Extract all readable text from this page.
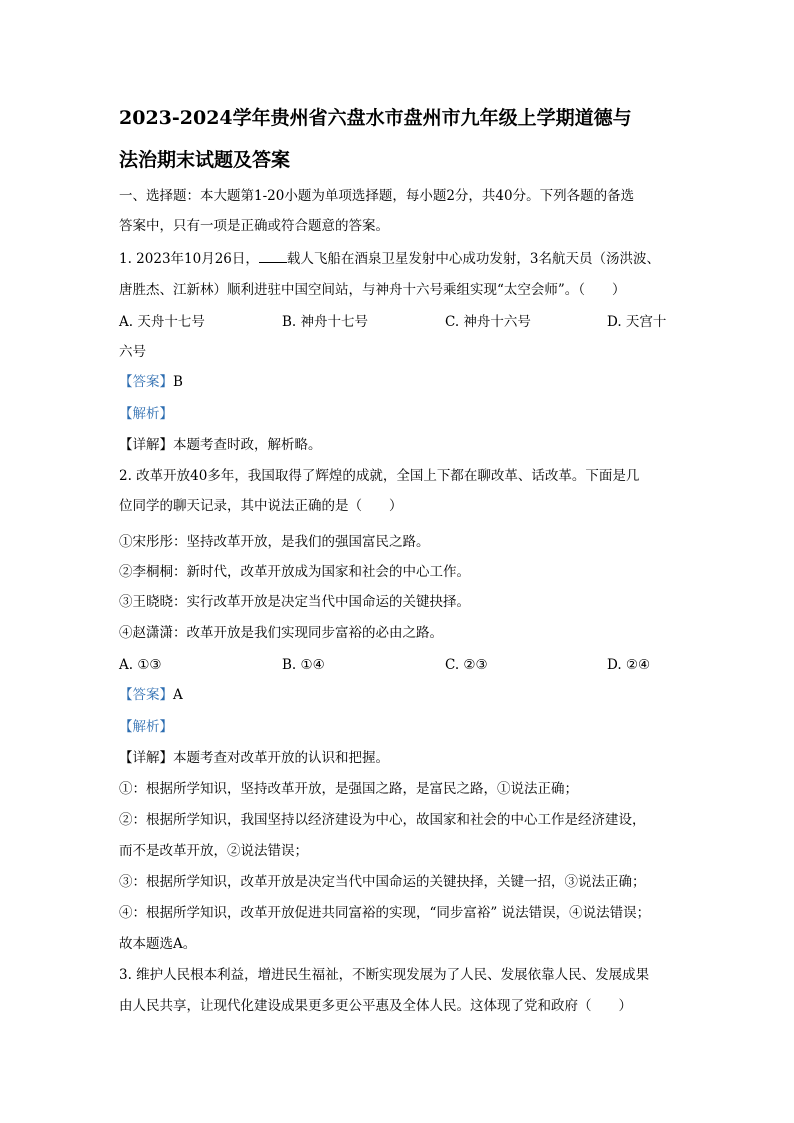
2023-2024学年贵州省六盘水市盘州市九年级上学期道德与
法治期末试题及答案
一、选择题：本大题第1-20小题为单项选择题，每小题2分，共40分。下列各题的备选
答案中，只有一项是正确或符合题意的答案。
1. 2023年10月26日， 载人飞船在酒泉卫星发射中心成功发射，3名航天员（汤洪波、
唐胜杰、江新林）顺利进驻中国空间站，与神舟十六号乘组实现“太空会师”。（　　）
A. 天舟十七号	B. 神舟十七号	C. 神舟十六号	D. 天宫十
六号
【答案】B
【解析】
【详解】本题考查时政，解析略。
2. 改革开放40多年，我国取得了辉煌的成就，全国上下都在聊改革、话改革。下面是几
位同学的聊天记录，其中说法正确的是（　　）
①宋彤彤：坚持改革开放，是我们的强国富民之路。
②李桐桐：新时代，改革开放成为国家和社会的中心工作。
③王晓晓：实行改革开放是决定当代中国命运的关键抉择。
④赵潇潇：改革开放是我们实现同步富裕的必由之路。
A. ①③	B. ①④	C. ②③	D. ②④
【答案】A
【解析】
【详解】本题考查对改革开放的认识和把握。
①：根据所学知识，坚持改革开放，是强国之路，是富民之路，①说法正确；
②：根据所学知识，我国坚持以经济建设为中心，故国家和社会的中心工作是经济建设，
而不是改革开放，②说法错误；
③：根据所学知识，改革开放是决定当代中国命运的关键抉择，关键一招，③说法正确；
④：根据所学知识，改革开放促进共同富裕的实现，“同步富裕” 说法错误，④说法错误；
故本题选A。
3. 维护人民根本利益，增进民生福祉，不断实现发展为了人民、发展依靠人民、发展成果
由人民共享，让现代化建设成果更多更公平惠及全体人民。这体现了党和政府（　　）
